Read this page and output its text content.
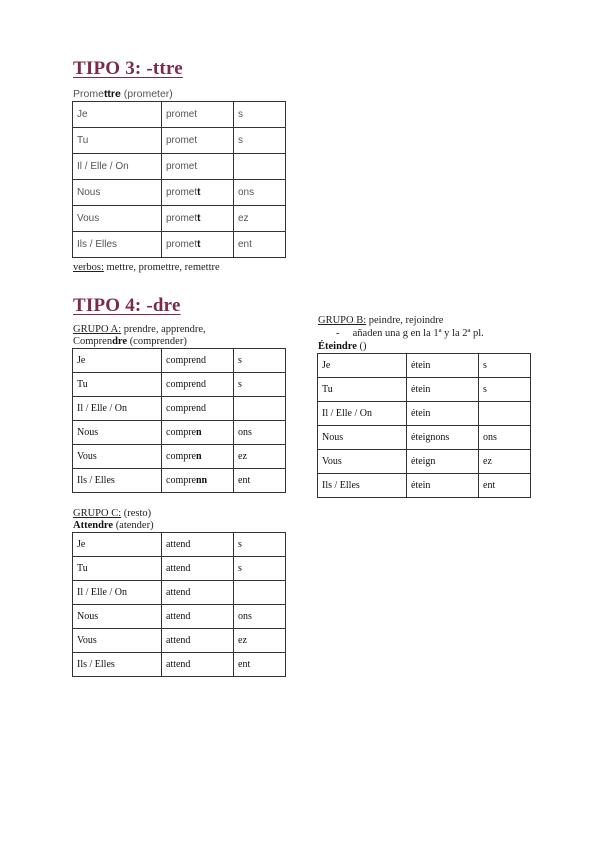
TIPO 3: -ttre
Promettre (prometer)
Je	promet	s
Tu	promet	s
Il / Elle / On	promet	
Nous	promett	ons
Vous	promett	ez
Ils / Elles	promett	ent
verbos: mettre, promettre, remettre
TIPO 4: -dre
GRUPO A: prendre, apprendre,
Comprendre (comprender)
Je	comprend	s
Tu	comprend	s
Il / Elle / On	comprend	
Nous	compren	ons
Vous	compren	ez
Ils / Elles	comprenn	ent
GRUPO B: peindre, rejoindre
-     añaden una g en la 1ª y la 2ª pl.
Éteindre ()
Je	étein	s
Tu	étein	s
Il / Elle / On	étein	
Nous	éteignons	ons
Vous	éteign	ez
Ils / Elles	étein	ent
GRUPO C: (resto)
Attendre (atender)
Je	attend	s
Tu	attend	s
Il / Elle / On	attend	
Nous	attend	ons
Vous	attend	ez
Ils / Elles	attend	ent
